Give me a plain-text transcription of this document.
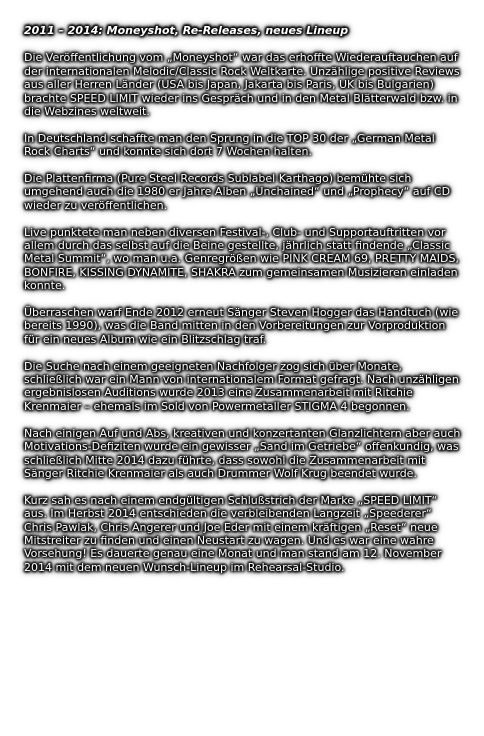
2011 – 2014: Moneyshot, Re-Releases, neues Lineup

Die Veröffentlichung vom „Moneyshot“ war das erhoffte Wiederauftauchen auf der internationalen Melodic/Classic Rock Weltkarte. Unzählige positive Reviews aus aller Herren Länder (USA bis Japan, Jakarta bis Paris, UK bis Bulgarien) brachte SPEED LIMIT wieder ins Gespräch und in den Metal Blätterwald bzw. in die Webzines weltweit.

In Deutschland schaffte man den Sprung in die TOP 30 der „German Metal Rock Charts“ und konnte sich dort 7 Wochen halten.

Die Plattenfirma (Pure Steel Records Sublabel Karthago) bemühte sich umgehend auch die 1980 er Jahre Alben „Unchained“ und „Prophecy“ auf CD wieder zu veröffentlichen.

Live punktete man neben diversen Festival-, Club- und Supportauftritten vor allem durch das selbst auf die Beine gestellte, jährlich statt findende „Classic Metal Summit“, wo man u.a. Genregrößen wie PINK CREAM 69, PRETTY MAIDS, BONFIRE, KISSING DYNAMITE, SHAKRA zum gemeinsamen Musizieren einladen konnte.

Überraschen warf Ende 2012 erneut Sänger Steven Hogger das Handtuch (wie bereits 1990), was die Band mitten in den Vorbereitungen zur Vorproduktion für ein neues Album wie ein Blitzschlag traf.

Die Suche nach einem geeigneten Nachfolger zog sich über Monate, schließlich war ein Mann von internationalem Format gefragt. Nach unzähligen ergebnislosen Auditions wurde 2013 eine Zusammenarbeit mit Ritchie Krenmaier – ehemals im Sold von Powermetaller STIGMA 4 begonnen.

Nach einigen Auf und Abs, kreativen und konzertanten Glanzlichtern aber auch Motivations-Defiziten wurde ein gewisser „Sand im Getriebe“ offenkundig, was schließlich Mitte 2014 dazu führte, dass sowohl die Zusammenarbeit mit Sänger Ritchie Krenmaier als auch Drummer Wolf Krug beendet wurde.

Kurz sah es nach einem endgültigen Schlußstrich der Marke „SPEED LIMIT“ aus. Im Herbst 2014 entschieden die verbleibenden Langzeit „Speederer“ Chris Pawlak, Chris Angerer und Joe Eder mit einem kräftigen „Reset“ neue Mitstreiter zu finden und einen Neustart zu wagen. Und es war eine wahre Vorsehung! Es dauerte genau eine Monat und man stand am 12. November 2014 mit dem neuen Wunsch-Lineup im Rehearsal-Studio.
